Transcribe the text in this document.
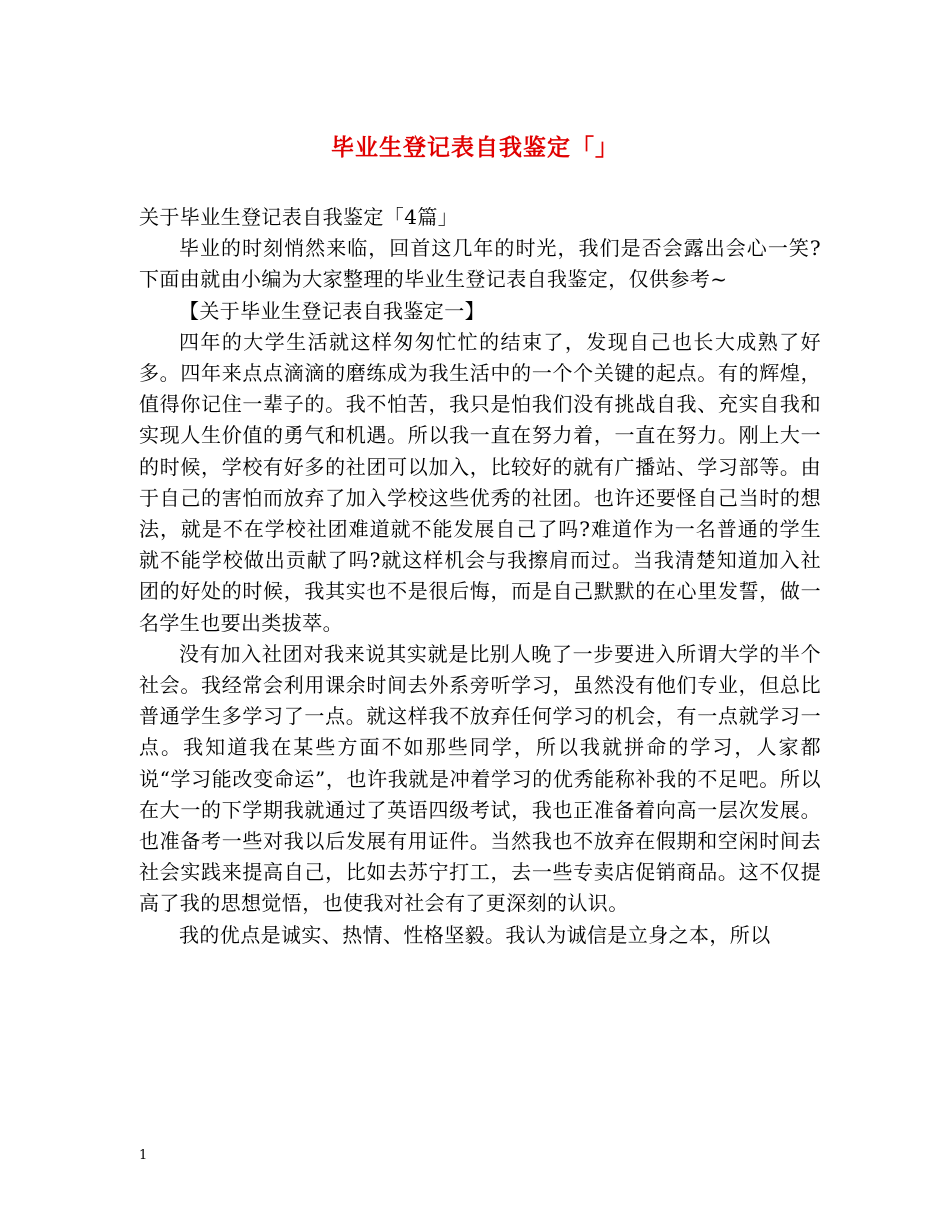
毕业生登记表自我鉴定「」

关于毕业生登记表自我鉴定「4篇」

毕业的时刻悄然来临，回首这几年的时光，我们是否会露出会心一笑?下面由就由小编为大家整理的毕业生登记表自我鉴定，仅供参考~

【关于毕业生登记表自我鉴定一】

四年的大学生活就这样匆匆忙忙的结束了，发现自己也长大成熟了好多。四年来点点滴滴的磨练成为我生活中的一个个关键的起点。有的辉煌，值得你记住一辈子的。我不怕苦，我只是怕我们没有挑战自我、充实自我和实现人生价值的勇气和机遇。所以我一直在努力着，一直在努力。刚上大一的时候，学校有好多的社团可以加入，比较好的就有广播站、学习部等。由于自己的害怕而放弃了加入学校这些优秀的社团。也许还要怪自己当时的想法，就是不在学校社团难道就不能发展自己了吗?难道作为一名普通的学生就不能学校做出贡献了吗?就这样机会与我擦肩而过。当我清楚知道加入社团的好处的时候，我其实也不是很后悔，而是自己默默的在心里发誓，做一名学生也要出类拔萃。

没有加入社团对我来说其实就是比别人晚了一步要进入所谓大学的半个社会。我经常会利用课余时间去外系旁听学习，虽然没有他们专业，但总比普通学生多学习了一点。就这样我不放弃任何学习的机会，有一点就学习一点。我知道我在某些方面不如那些同学，所以我就拼命的学习，人家都说“学习能改变命运”，也许我就是冲着学习的优秀能称补我的不足吧。所以在大一的下学期我就通过了英语四级考试，我也正准备着向高一层次发展。也准备考一些对我以后发展有用证件。当然我也不放弃在假期和空闲时间去社会实践来提高自己，比如去苏宁打工，去一些专卖店促销商品。这不仅提高了我的思想觉悟，也使我对社会有了更深刻的认识。

我的优点是诚实、热情、性格坚毅。我认为诚信是立身之本，所以

1
